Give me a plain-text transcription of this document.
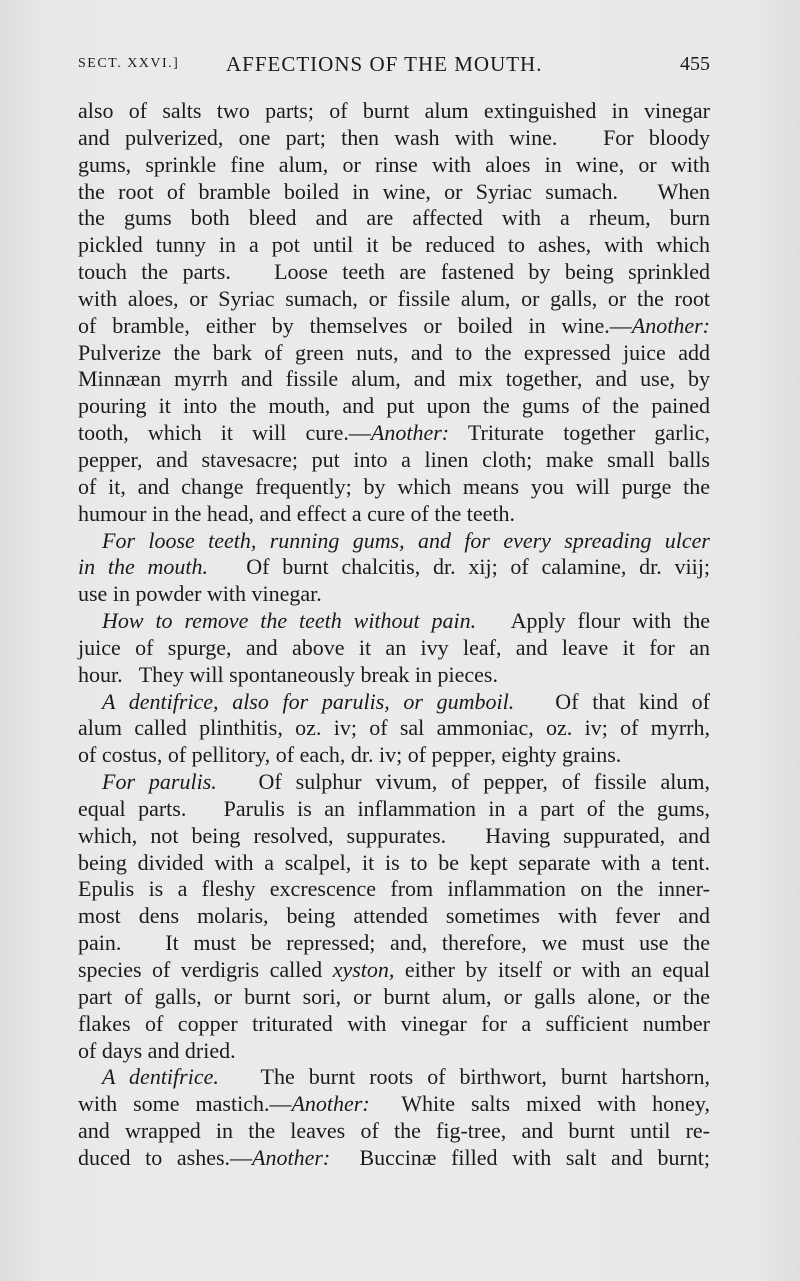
SECT. XXVI.] AFFECTIONS OF THE MOUTH.	455
also of salts two parts; of burnt alum extinguished in vinegar
and pulverized, one part; then wash with wine.   For bloody
gums, sprinkle fine alum, or rinse with aloes in wine, or with
the root of bramble boiled in wine, or Syriac sumach.   When
the gums both bleed and are affected with a rheum, burn
pickled tunny in a pot until it be reduced to ashes, with which
touch the parts.   Loose teeth are fastened by being sprinkled
with aloes, or Syriac sumach, or fissile alum, or galls, or the root
of bramble, either by themselves or boiled in wine.—Another:
Pulverize the bark of green nuts, and to the expressed juice add
Minnæan myrrh and fissile alum, and mix together, and use, by
pouring it into the mouth, and put upon the gums of the pained
tooth, which it will cure.—Another: Triturate together garlic,
pepper, and stavesacre; put into a linen cloth; make small balls
of it, and change frequently; by which means you will purge the
humour in the head, and effect a cure of the teeth.
For loose teeth, running gums, and for every spreading ulcer
in the mouth.   Of burnt chalcitis, dr. xij; of calamine, dr. viij;
use in powder with vinegar.
How to remove the teeth without pain.   Apply flour with the
juice of spurge, and above it an ivy leaf, and leave it for an
hour.   They will spontaneously break in pieces.
A dentifrice, also for parulis, or gumboil.   Of that kind of
alum called plinthitis, oz. iv; of sal ammoniac, oz. iv; of myrrh,
of costus, of pellitory, of each, dr. iv; of pepper, eighty grains.
For parulis.   Of sulphur vivum, of pepper, of fissile alum,
equal parts.   Parulis is an inflammation in a part of the gums,
which, not being resolved, suppurates.   Having suppurated, and
being divided with a scalpel, it is to be kept separate with a tent.
Epulis is a fleshy excrescence from inflammation on the inner-
most dens molaris, being attended sometimes with fever and
pain.   It must be repressed; and, therefore, we must use the
species of verdigris called xyston, either by itself or with an equal
part of galls, or burnt sori, or burnt alum, or galls alone, or the
flakes of copper triturated with vinegar for a sufficient number
of days and dried.
A dentifrice.   The burnt roots of birthwort, burnt hartshorn,
with some mastich.—Another:  White salts mixed with honey,
and wrapped in the leaves of the fig-tree, and burnt until re-
duced to ashes.—Another:  Buccinæ filled with salt and burnt;
